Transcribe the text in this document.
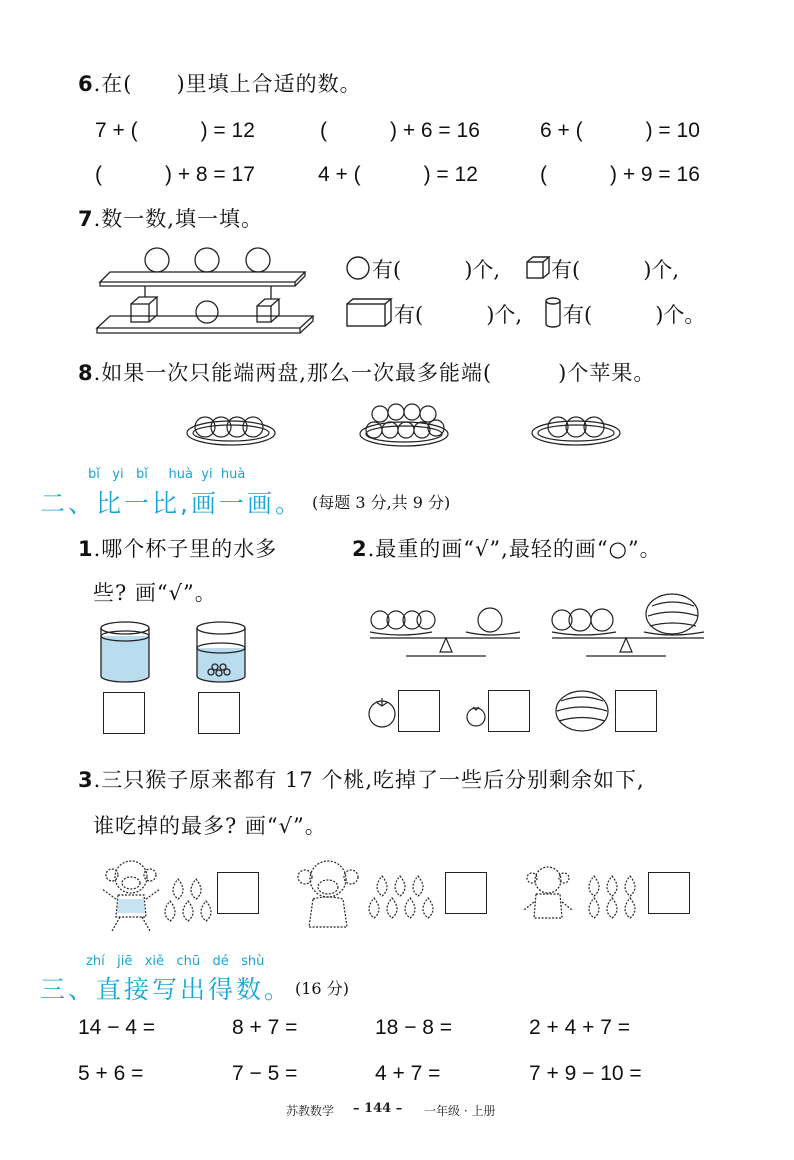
6.在(　　)里填上合适的数。
7 + (　　　) = 12	(　　　) + 6 = 16	6 + (　　　) = 10
(　　　) + 8 = 17	4 + (　　　) = 12	(　　　) + 9 = 16
7.数一数,填一填。
有(　　　)个, 有(　　　)个,
有(　　　)个, 有(　　　)个。
8.如果一次只能端两盘,那么一次最多能端(　　　)个苹果。
bǐ yi bǐ huà yi huà
二、比一比,画一画。 (每题 3 分,共 9 分)
1.哪个杯子里的水多
些? 画“√”。
2.最重的画“√”,最轻的画“○”。
3.三只猴子原来都有 17 个桃,吃掉了一些后分别剩余如下,
谁吃掉的最多? 画“√”。
zhí jiē xiě chū dé shù
三、直接写出得数。 (16 分)
14 − 4 =	8 + 7 =	18 − 8 =	2 + 4 + 7 =
5 + 6 =	7 − 5 =	4 + 7 =	7 + 9 − 10 =
苏教数学 – 144 – 一年级 · 上册
